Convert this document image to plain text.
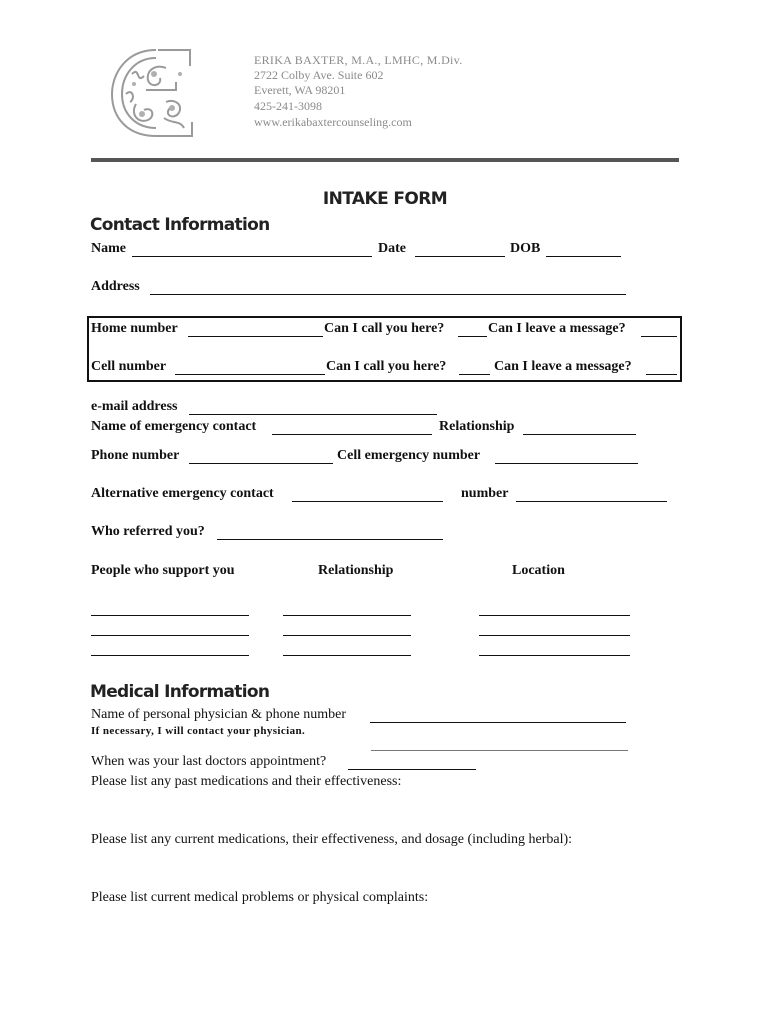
ERIKA BAXTER, M.A., LMHC, M.Div.
2722 Colby Ave. Suite 602
Everett, WA 98201
425-241-3098
www.erikabaxtercounseling.com
INTAKE FORM
Contact Information
Name	Date	DOB
Address
Home number	Can I call you here?	Can I leave a message?
Cell number	Can I call you here?	Can I leave a message?
e-mail address
Name of emergency contact	Relationship
Phone number	Cell emergency number
Alternative emergency contact	number
Who referred you?
People who support you	Relationship	Location
Medical Information
Name of personal physician & phone number
If necessary, I will contact your physician.
When was your last doctors appointment?
Please list any past medications and their effectiveness:
Please list any current medications, their effectiveness, and dosage (including herbal):
Please list current medical problems or physical complaints:
